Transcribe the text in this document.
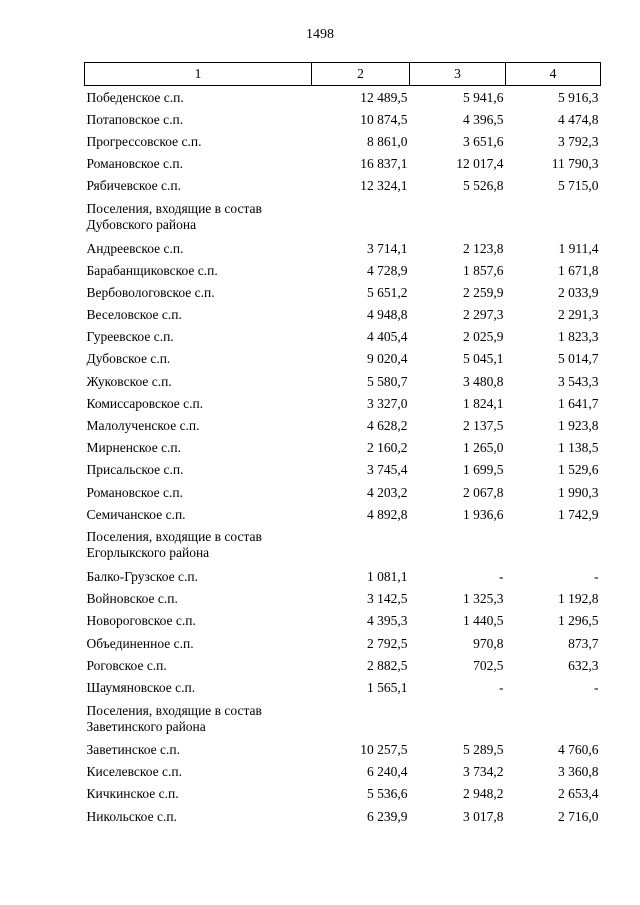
1498
1	2	3	4
Победенское с.п.	12 489,5	5 941,6	5 916,3
Потаповское с.п.	10 874,5	4 396,5	4 474,8
Прогрессовское с.п.	8 861,0	3 651,6	3 792,3
Романовское с.п.	16 837,1	12 017,4	11 790,3
Рябичевское с.п.	12 324,1	5 526,8	5 715,0
Поселения, входящие в состав Дубовского района			
Андреевское с.п.	3 714,1	2 123,8	1 911,4
Барабанщиковское с.п.	4 728,9	1 857,6	1 671,8
Вербовологовское с.п.	5 651,2	2 259,9	2 033,9
Веселовское с.п.	4 948,8	2 297,3	2 291,3
Гуреевское с.п.	4 405,4	2 025,9	1 823,3
Дубовское с.п.	9 020,4	5 045,1	5 014,7
Жуковское с.п.	5 580,7	3 480,8	3 543,3
Комиссаровское с.п.	3 327,0	1 824,1	1 641,7
Малолученское с.п.	4 628,2	2 137,5	1 923,8
Мирненское с.п.	2 160,2	1 265,0	1 138,5
Присальское с.п.	3 745,4	1 699,5	1 529,6
Романовское с.п.	4 203,2	2 067,8	1 990,3
Семичанское с.п.	4 892,8	1 936,6	1 742,9
Поселения, входящие в состав Егорлыкского района			
Балко-Грузское с.п.	1 081,1	-	-
Войновское с.п.	3 142,5	1 325,3	1 192,8
Новороговское с.п.	4 395,3	1 440,5	1 296,5
Объединенное с.п.	2 792,5	970,8	873,7
Роговское с.п.	2 882,5	702,5	632,3
Шаумяновское с.п.	1 565,1	-	-
Поселения, входящие в состав Заветинского района			
Заветинское с.п.	10 257,5	5 289,5	4 760,6
Киселевское с.п.	6 240,4	3 734,2	3 360,8
Кичкинское с.п.	5 536,6	2 948,2	2 653,4
Никольское с.п.	6 239,9	3 017,8	2 716,0
